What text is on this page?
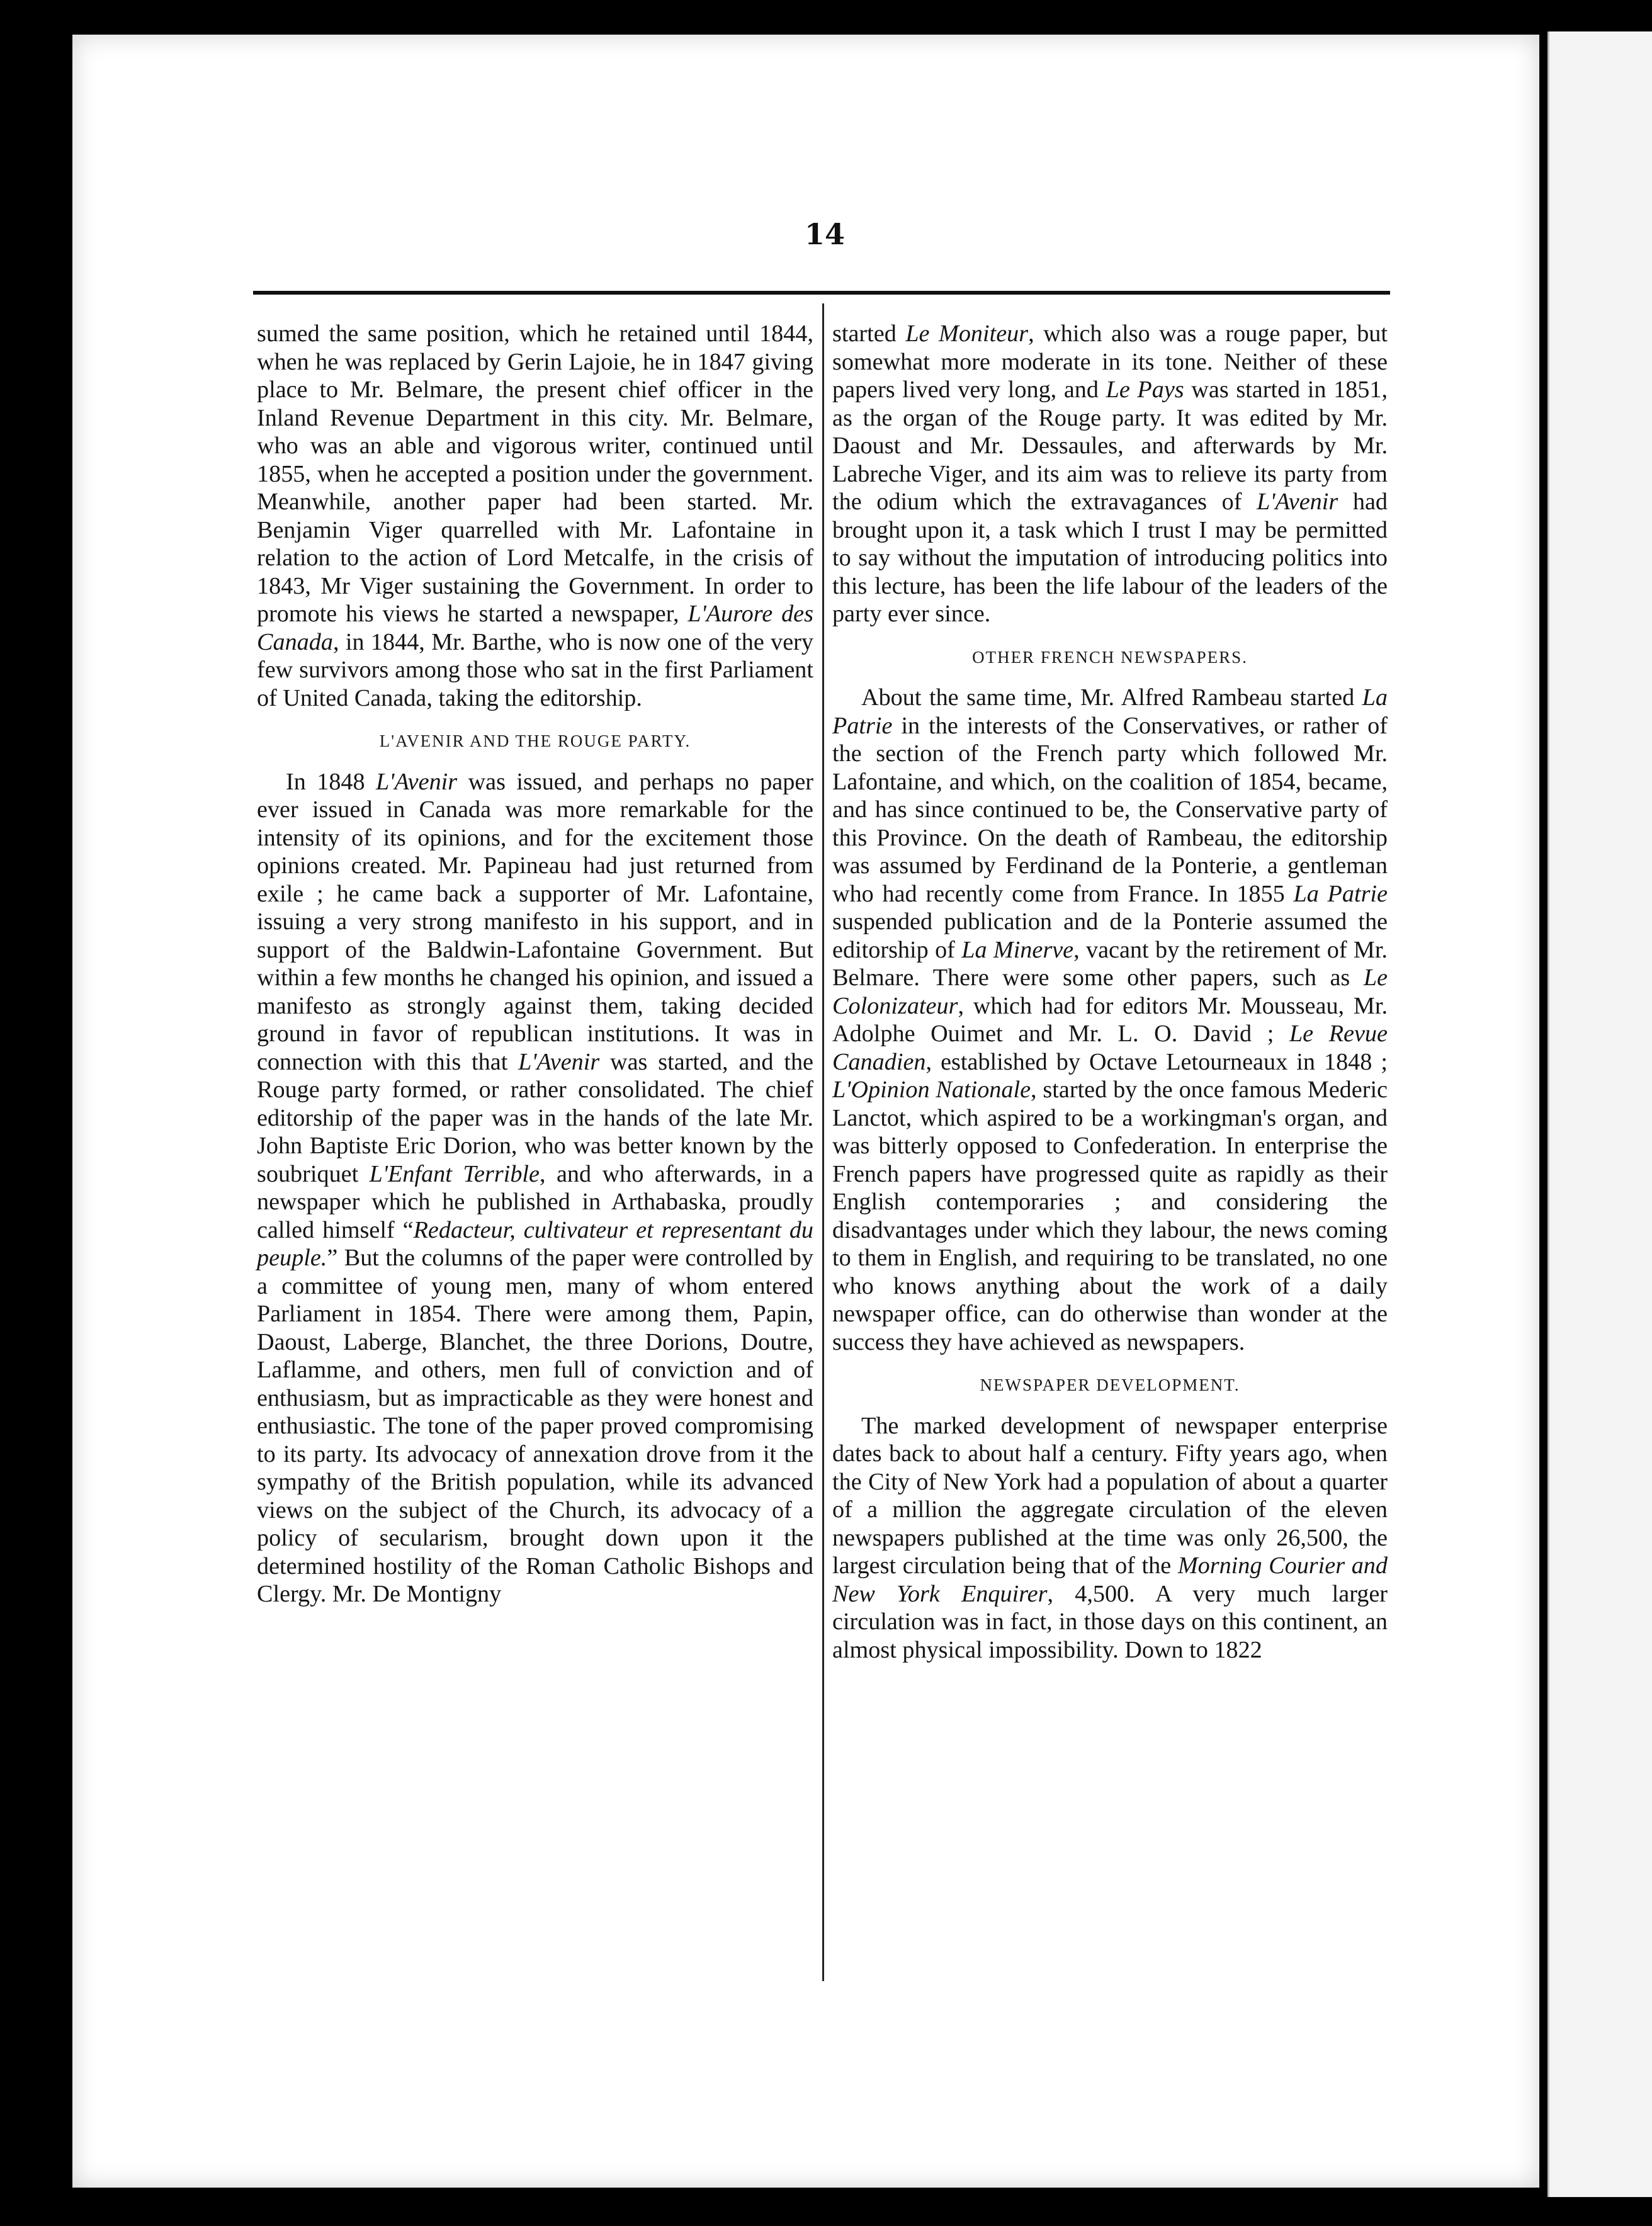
14

sumed the same position, which he retained until 1844, when he was replaced by Gerin Lajoie, he in 1847 giving place to Mr. Belmare, the present chief officer in the Inland Revenue Department in this city. Mr. Belmare, who was an able and vigorous writer, continued until 1855, when he accepted a position under the government. Meanwhile, another paper had been started. Mr. Benjamin Viger quarrelled with Mr. Lafontaine in relation to the action of Lord Metcalfe, in the crisis of 1843, Mr Viger sustaining the Government. In order to promote his views he started a newspaper, L'Aurore des Canada, in 1844, Mr. Barthe, who is now one of the very few survivors among those who sat in the first Parliament of United Canada, taking the editorship.

L'AVENIR AND THE ROUGE PARTY.

In 1848 L'Avenir was issued, and perhaps no paper ever issued in Canada was more remarkable for the intensity of its opinions, and for the excitement those opinions created. Mr. Papineau had just returned from exile ; he came back a supporter of Mr. Lafontaine, issuing a very strong manifesto in his support, and in support of the Baldwin-Lafontaine Government. But within a few months he changed his opinion, and issued a manifesto as strongly against them, taking decided ground in favor of republican institutions. It was in connection with this that L'Avenir was started, and the Rouge party formed, or rather consolidated. The chief editorship of the paper was in the hands of the late Mr. John Baptiste Eric Dorion, who was better known by the soubriquet L'Enfant Terrible, and who afterwards, in a newspaper which he published in Arthabaska, proudly called himself “Redacteur, cultivateur et representant du peuple.” But the columns of the paper were controlled by a committee of young men, many of whom entered Parliament in 1854. There were among them, Papin, Daoust, Laberge, Blanchet, the three Dorions, Doutre, Laflamme, and others, men full of conviction and of enthusiasm, but as impracticable as they were honest and enthusiastic. The tone of the paper proved compromising to its party. Its advocacy of annexation drove from it the sympathy of the British population, while its advanced views on the subject of the Church, its advocacy of a policy of secularism, brought down upon it the determined hostility of the Roman Catholic Bishops and Clergy. Mr. De Montigny

started Le Moniteur, which also was a rouge paper, but somewhat more moderate in its tone. Neither of these papers lived very long, and Le Pays was started in 1851, as the organ of the Rouge party. It was edited by Mr. Daoust and Mr. Dessaules, and afterwards by Mr. Labreche Viger, and its aim was to relieve its party from the odium which the extravagances of L'Avenir had brought upon it, a task which I trust I may be permitted to say without the imputation of introducing politics into this lecture, has been the life labour of the leaders of the party ever since.

OTHER FRENCH NEWSPAPERS.

About the same time, Mr. Alfred Rambeau started La Patrie in the interests of the Conservatives, or rather of the section of the French party which followed Mr. Lafontaine, and which, on the coalition of 1854, became, and has since continued to be, the Conservative party of this Province. On the death of Rambeau, the editorship was assumed by Ferdinand de la Ponterie, a gentleman who had recently come from France. In 1855 La Patrie suspended publication and de la Ponterie assumed the editorship of La Minerve, vacant by the retirement of Mr. Belmare. There were some other papers, such as Le Colonizateur, which had for editors Mr. Mousseau, Mr. Adolphe Ouimet and Mr. L. O. David ; Le Revue Canadien, established by Octave Letourneaux in 1848 ; L'Opinion Nationale, started by the once famous Mederic Lanctot, which aspired to be a workingman's organ, and was bitterly opposed to Confederation. In enterprise the French papers have progressed quite as rapidly as their English contemporaries ; and considering the disadvantages under which they labour, the news coming to them in English, and requiring to be translated, no one who knows anything about the work of a daily newspaper office, can do otherwise than wonder at the success they have achieved as newspapers.

NEWSPAPER DEVELOPMENT.

The marked development of newspaper enterprise dates back to about half a century. Fifty years ago, when the City of New York had a population of about a quarter of a million the aggregate circulation of the eleven newspapers published at the time was only 26,500, the largest circulation being that of the Morning Courier and New York Enquirer, 4,500. A very much larger circulation was in fact, in those days on this continent, an almost physical impossibility. Down to 1822
